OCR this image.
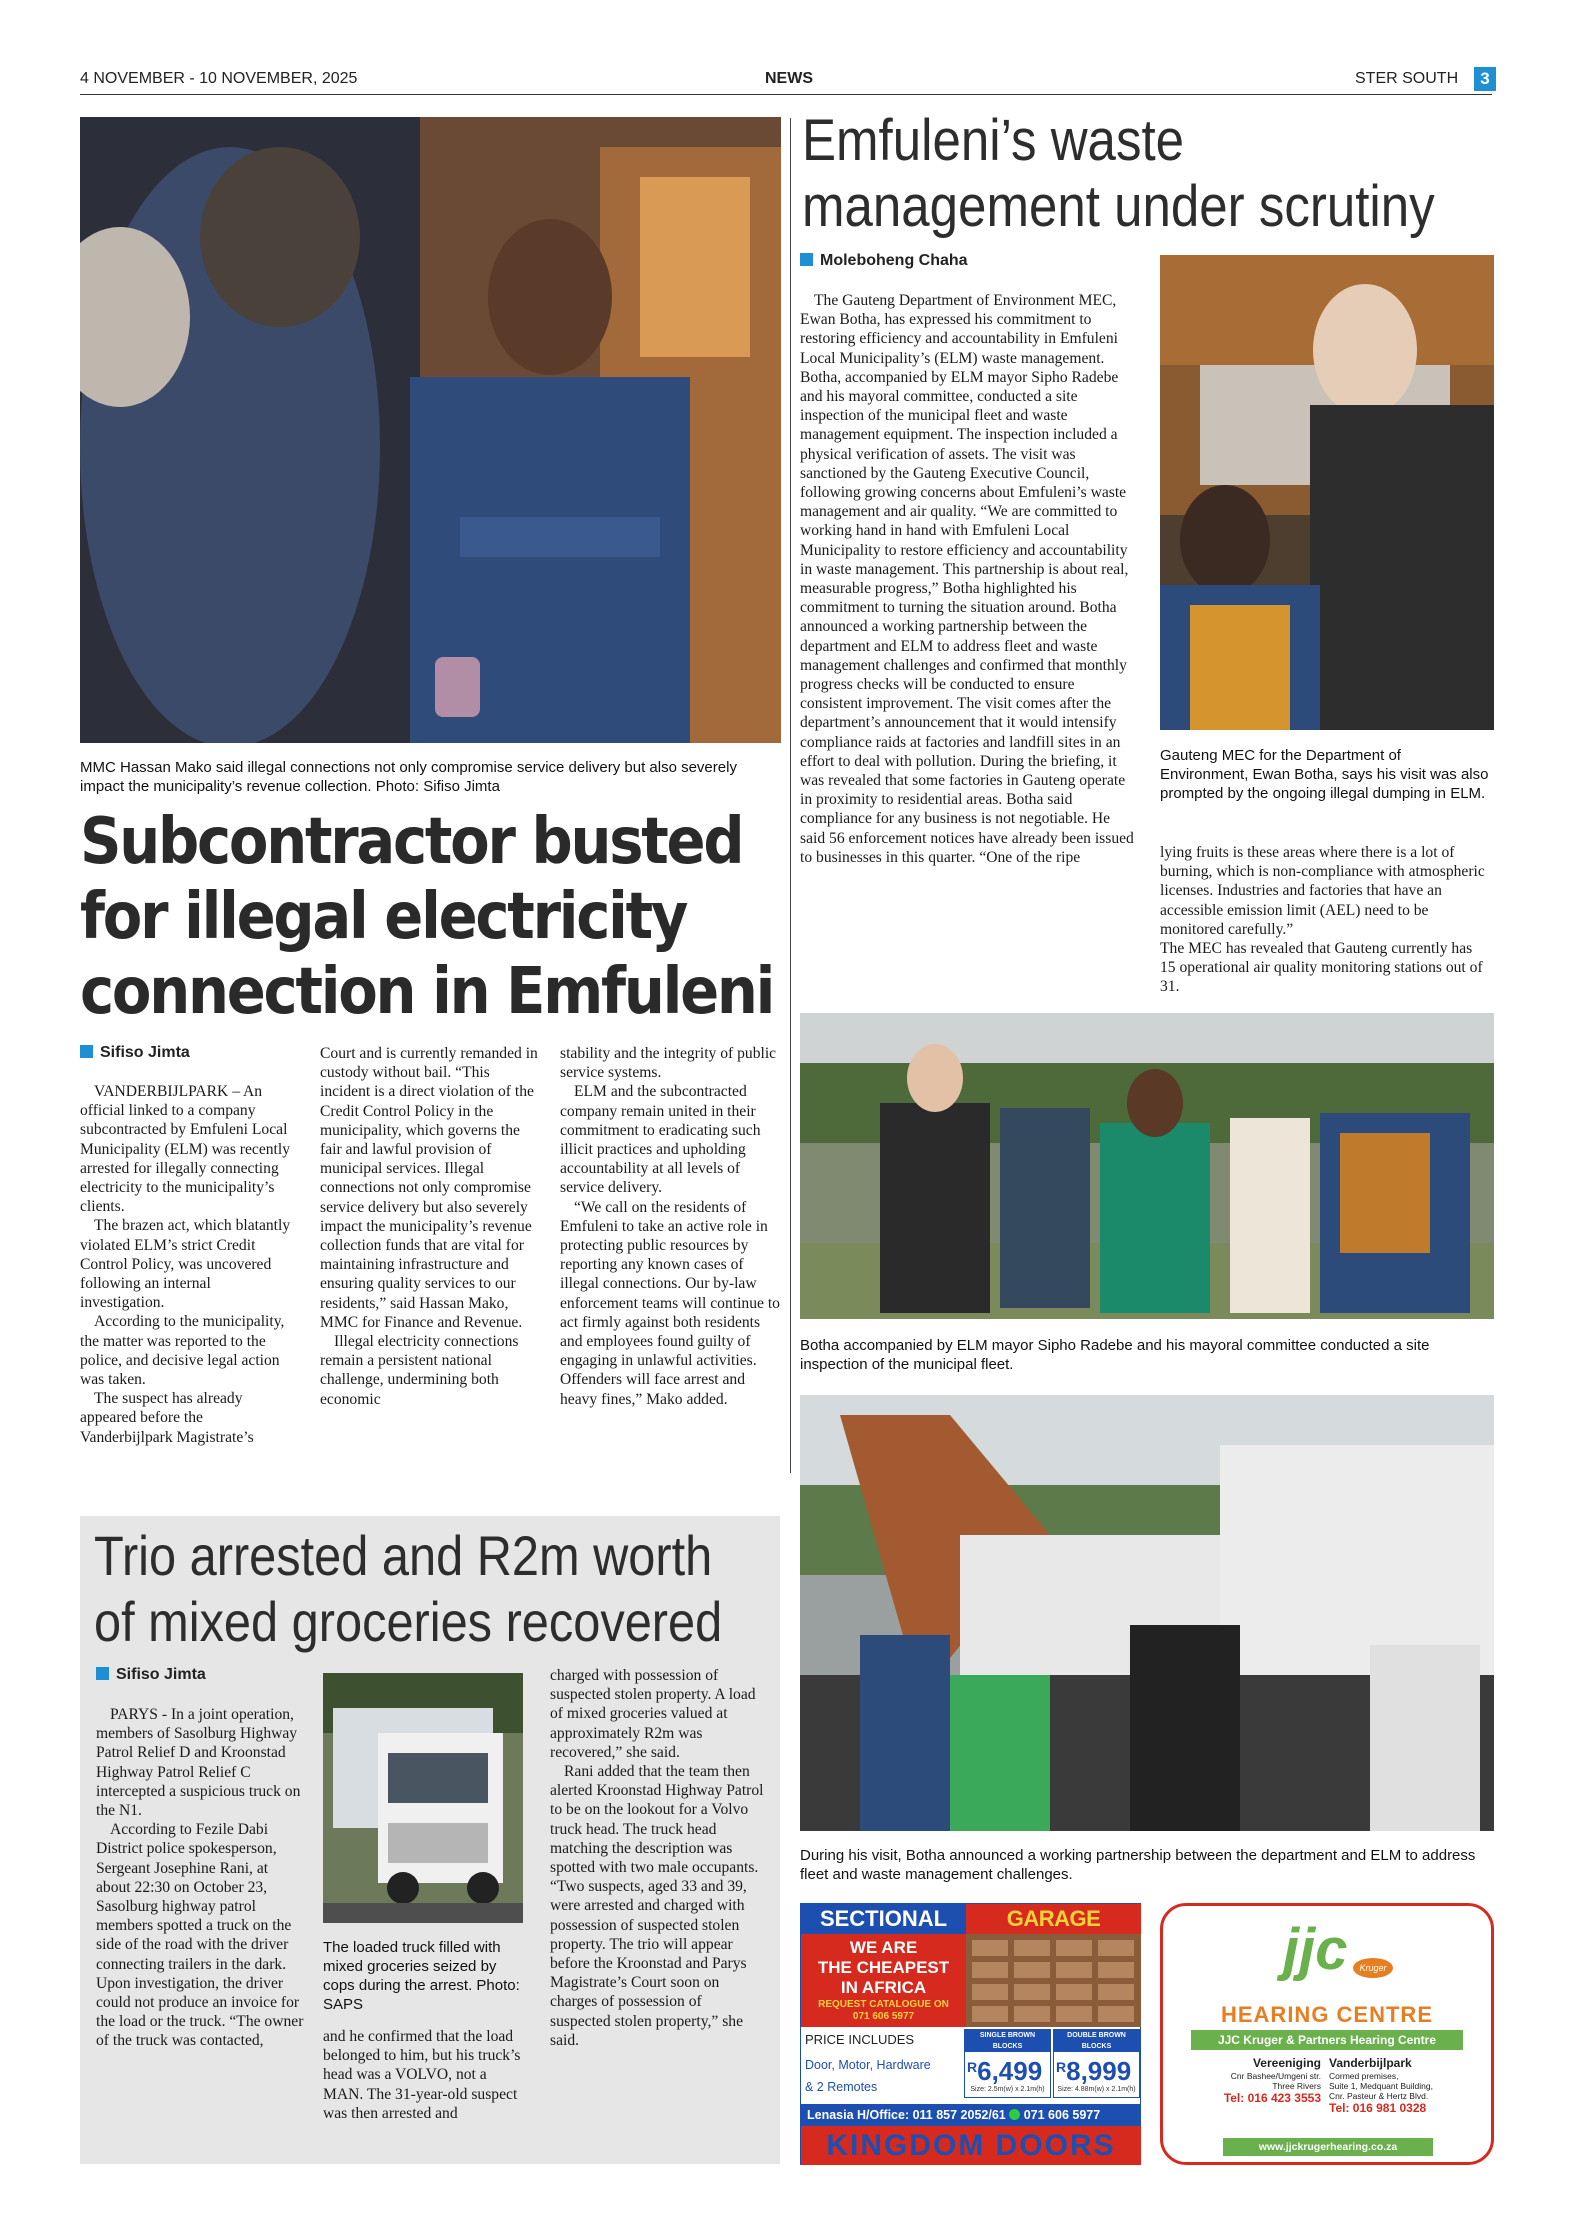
4 NOVEMBER - 10 NOVEMBER, 2025	NEWS	STER SOUTH	3
MMC Hassan Mako said illegal connections not only compromise service delivery but also severely impact the municipality’s revenue collection. Photo: Sifiso Jimta
Subcontractor busted
for illegal electricity
connection in Emfuleni
Sifiso Jimta

VANDERBIJLPARK – An official linked to a company subcontracted by Emfuleni Local Municipality (ELM) was recently arrested for illegally connecting electricity to the municipality’s clients.

The brazen act, which blatantly violated ELM’s strict Credit Control Policy, was uncovered following an internal investigation.

According to the municipality, the matter was reported to the police, and decisive legal action was taken.

The suspect has already appeared before the Vanderbijlpark Magistrate’s

Court and is currently remanded in custody without bail. “This incident is a direct violation of the Credit Control Policy in the municipality, which governs the fair and lawful provision of municipal services. Illegal connections not only compromise service delivery but also severely impact the municipality’s revenue collection funds that are vital for maintaining infrastructure and ensuring quality services to our residents,” said Hassan Mako, MMC for Finance and Revenue.

Illegal electricity connections remain a persistent national challenge, undermining both economic

stability and the integrity of public service systems.

ELM and the subcontracted company remain united in their commitment to eradicating such illicit practices and upholding accountability at all levels of service delivery.

“We call on the residents of Emfuleni to take an active role in protecting public resources by reporting any known cases of illegal connections. Our by-law enforcement teams will continue to act firmly against both residents and employees found guilty of engaging in unlawful activities. Offenders will face arrest and heavy fines,” Mako added.

Emfuleni’s waste
management under scrutiny
Moleboheng Chaha

The Gauteng Department of Environment MEC, Ewan Botha, has expressed his commitment to restoring efficiency and accountability in Emfuleni Local Municipality’s (ELM) waste management. Botha, accompanied by ELM mayor Sipho Radebe and his mayoral committee, conducted a site inspection of the municipal fleet and waste management equipment. The inspection included a physical verification of assets. The visit was sanctioned by the Gauteng Executive Council, following growing concerns about Emfuleni’s waste management and air quality. “We are committed to working hand in hand with Emfuleni Local Municipality to restore efficiency and accountability in waste management. This partnership is about real, measurable progress,” Botha highlighted his commitment to turning the situation around. Botha announced a working partnership between the department and ELM to address fleet and waste management challenges and confirmed that monthly progress checks will be conducted to ensure consistent improvement. The visit comes after the department’s announcement that it would intensify compliance raids at factories and landfill sites in an effort to deal with pollution. During the briefing, it was revealed that some factories in Gauteng operate in proximity to residential areas. Botha said compliance for any business is not negotiable. He said 56 enforcement notices have already been issued to businesses in this quarter. “One of the ripe

Gauteng MEC for the Department of Environment, Ewan Botha, says his visit was also prompted by the ongoing illegal dumping in ELM.

lying fruits is these areas where there is a lot of burning, which is non-compliance with atmospheric licenses. Industries and factories that have an accessible emission limit (AEL) need to be monitored carefully.”

The MEC has revealed that Gauteng currently has 15 operational air quality monitoring stations out of 31.

Botha accompanied by ELM mayor Sipho Radebe and his mayoral committee conducted a site inspection of the municipal fleet.
During his visit, Botha announced a working partnership between the department and ELM to address fleet and waste management challenges.
Trio arrested and R2m worth
of mixed groceries recovered
Sifiso Jimta

PARYS - In a joint operation, members of Sasolburg Highway Patrol Relief D and Kroonstad Highway Patrol Relief C intercepted a suspicious truck on the N1.

According to Fezile Dabi District police spokesperson, Sergeant Josephine Rani, at about 22:30 on October 23, Sasolburg highway patrol members spotted a truck on the side of the road with the driver connecting trailers in the dark. Upon investigation, the driver could not produce an invoice for the load or the truck. “The owner of the truck was contacted,

The loaded truck filled with mixed groceries seized by cops during the arrest. Photo: SAPS

and he confirmed that the load belonged to him, but his truck’s head was a VOLVO, not a MAN. The 31-year-old suspect was then arrested and

charged with possession of suspected stolen property. A load of mixed groceries valued at approximately R2m was recovered,” she said.

Rani added that the team then alerted Kroonstad Highway Patrol to be on the lookout for a Volvo truck head. The truck head matching the description was spotted with two male occupants. “Two suspects, aged 33 and 39, were arrested and charged with possession of suspected stolen property. The trio will appear before the Kroonstad and Parys Magistrate’s Court soon on charges of possession of suspected stolen property,” she said.

SECTIONAL	GARAGE
WE ARE
THE CHEAPEST
IN AFRICA
REQUEST CATALOGUE ON
071 606 5977
PRICE INCLUDES
Door, Motor, Hardware
& 2 Remotes
SINGLE BROWN BLOCKS
$^R$6,499
Size: 2.5m(w) x 2.1m(h)
DOUBLE BROWN BLOCKS
$^R$8,999
Size: 4.88m(w) x 2.1m(h)
Lenasia H/Office: 011 857 2052/61 071 606 5977
KINGDOM DOORS
jjc	Kruger
HEARING CENTRE
JJC Kruger & Partners Hearing Centre
Vereeniging
Cnr Bashee/Umgeni str.
Three Rivers
Tel: 016 423 3553
Vanderbijlpark
Cormed premises,
Suite 1, Medquant Building,
Cnr. Pasteur & Hertz Blvd.
Tel: 016 981 0328
www.jjckrugerhearing.co.za
